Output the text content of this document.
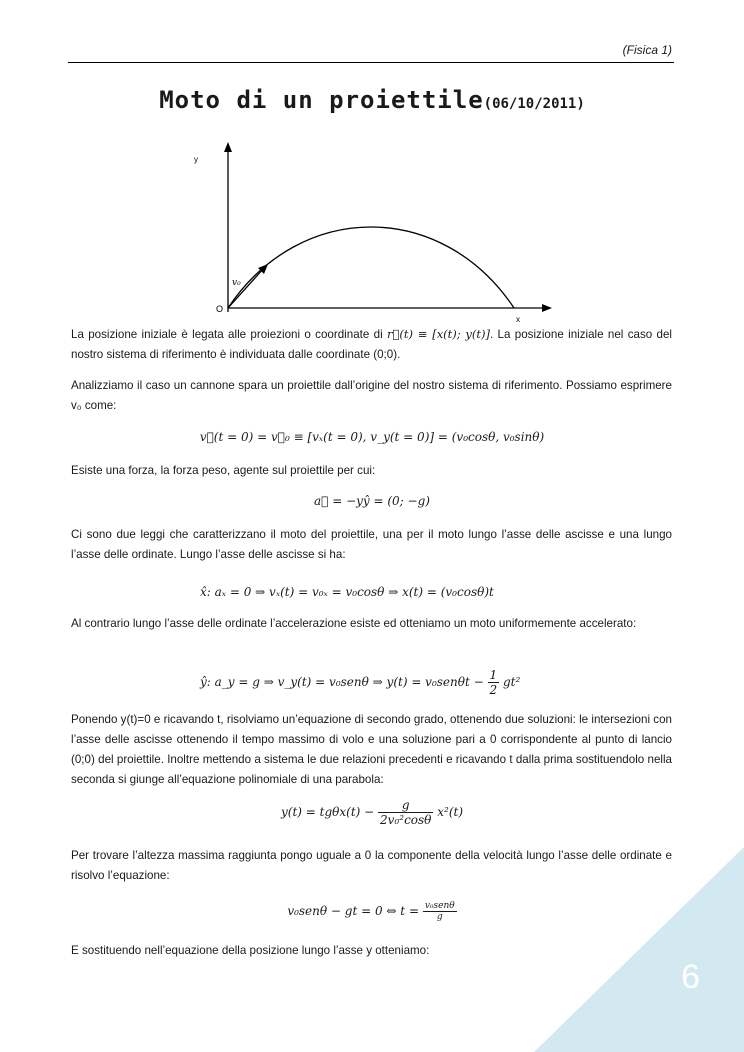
(Fisica 1)
Moto di un proiettile(06/10/2011)
y
x
O
v₀
La posizione iniziale è legata alle proiezioni o coordinate di r⃗(t) ≡ [x(t); y(t)]. La posizione iniziale nel caso del nostro sistema di riferimento è individuata dalle coordinate (0;0).
Analizziamo il caso un cannone spara un proiettile dall’origine del nostro sistema di riferimento. Possiamo esprimere v₀ come:
v⃗(t = 0) = v⃗₀ ≡ [vₓ(t = 0), v_y(t = 0)] = (v₀cosθ, v₀sinθ)
Esiste una forza, la forza peso, agente sul proiettile per cui:
a⃗ = −yŷ = (0; −g)
Ci sono due leggi che caratterizzano il moto del proiettile, una per il moto lungo l’asse delle ascisse e una lungo l’asse delle ordinate. Lungo l’asse delle ascisse si ha:
x̂: aₓ = 0 ⇒ vₓ(t) = v₀ₓ = v₀cosθ ⇒ x(t) = (v₀cosθ)t
Al contrario lungo l’asse delle ordinate l’accelerazione esiste ed otteniamo un moto uniformemente accelerato:
ŷ: a_y = g ⇒ v_y(t) = v₀senθ ⇒ $y(t) = v_0sen\theta t - \frac{1}{2} gt^2$
Ponendo y(t)=0 e ricavando t, risolviamo un’equazione di secondo grado, ottenendo due soluzioni: le intersezioni con l’asse delle ascisse ottenendo il tempo massimo di volo e una soluzione pari a 0 corrispondente al punto di lancio (0;0) del proiettile. Inoltre mettendo a sistema le due relazioni precedenti e ricavando t dalla prima sostituendolo nella seconda si giunge all’equazione polinomiale di una parabola:
$y(t) = tg\theta x(t) - \frac{g}{\text{2v₀²cosθ}} x^2(t)$
Per trovare l’altezza massima raggiunta pongo uguale a 0 la componente della velocità lungo l’asse delle ordinate e risolvo l’equazione:
v₀senθ − gt = 0 ⇔ $t = \frac{\text{v₀senθ}}{g}$
E sostituendo nell’equazione della posizione lungo l’asse y otteniamo:
6
